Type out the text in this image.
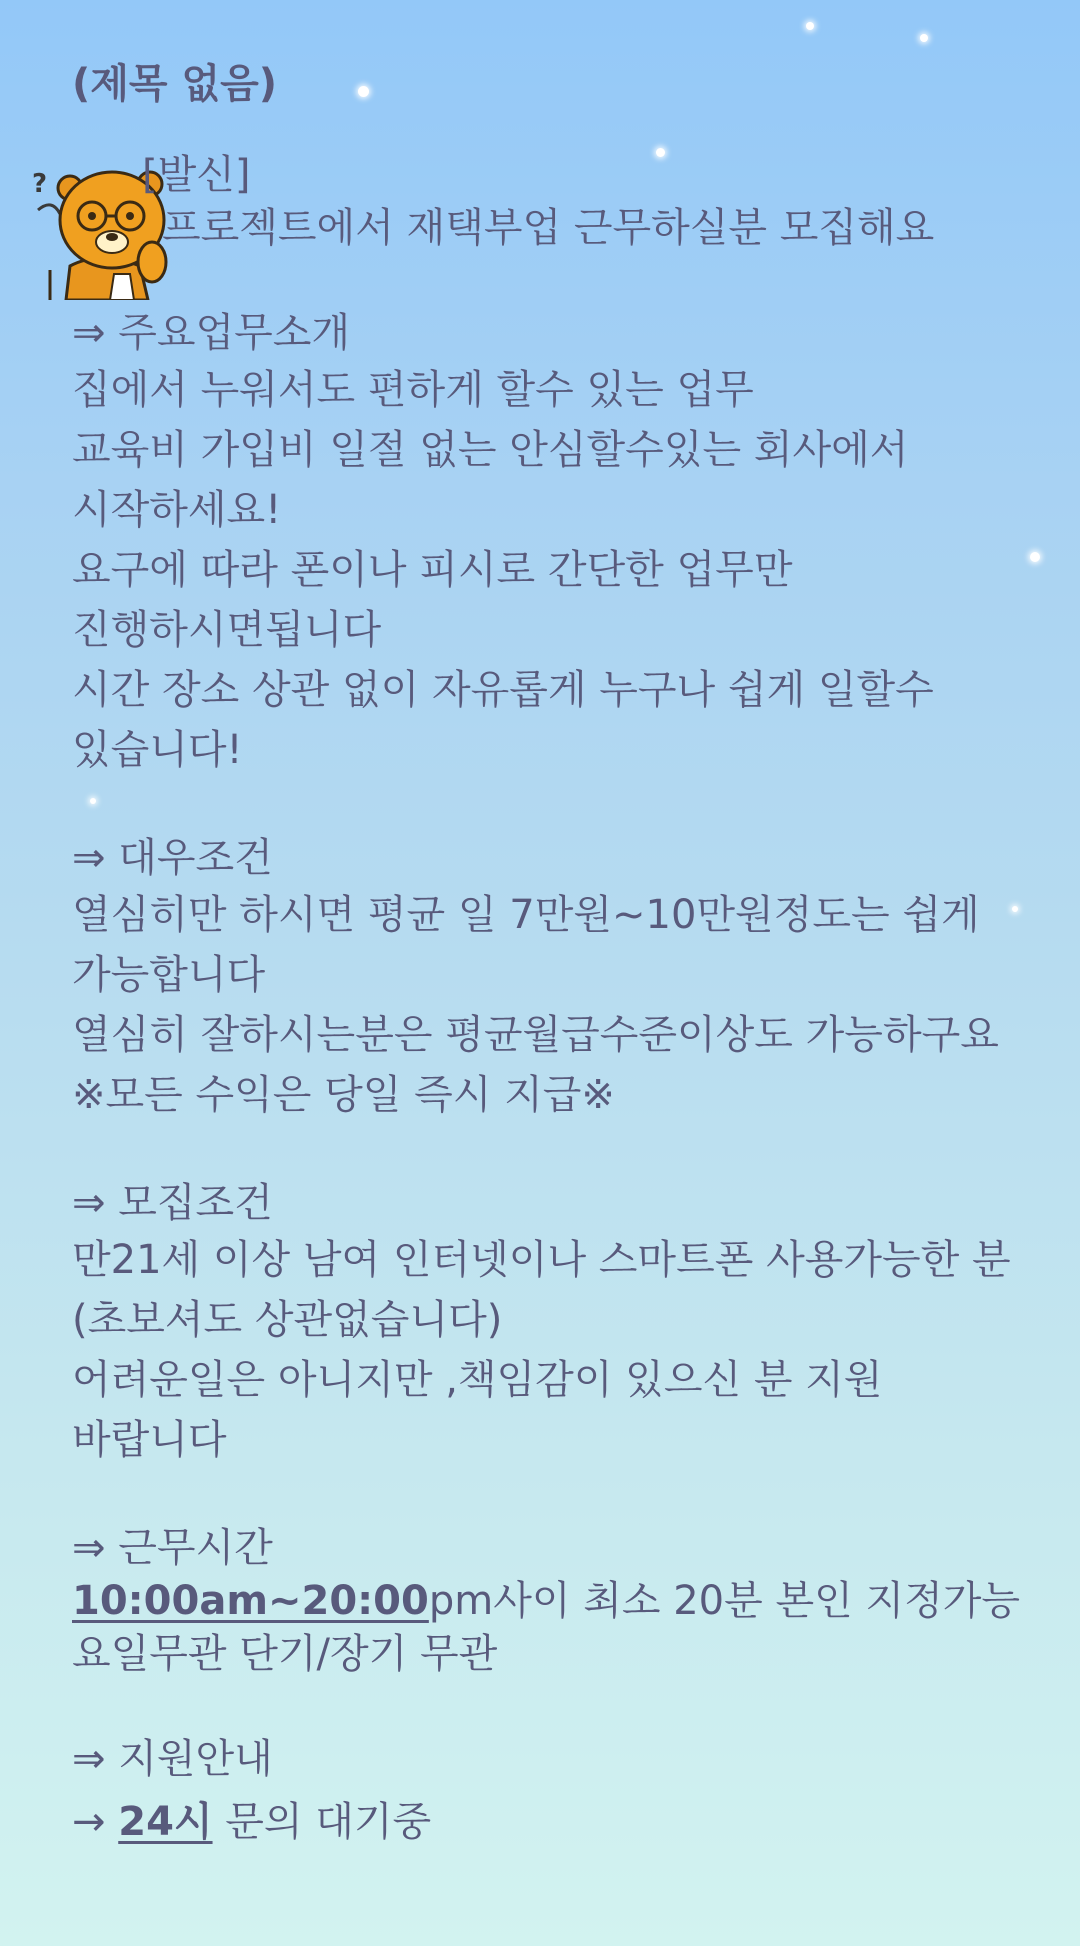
?
(제목 없음)
[발신]
프로젝트에서 재택부업 근무하실분 모집해요
⇒ 주요업무소개
집에서 누워서도 편하게 할수 있는 업무
교육비 가입비 일절 없는 안심할수있는 회사에서 시작하세요!
요구에 따라 폰이나 피시로 간단한 업무만 진행하시면됩니다
시간 장소 상관 없이 자유롭게 누구나 쉽게 일할수 있습니다!
⇒ 대우조건
열심히만 하시면 평균 일 7만원~10만원정도는 쉽게 가능합니다
열심히 잘하시는분은 평균월급수준이상도 가능하구요
※모든 수익은 당일 즉시 지급※
⇒ 모집조건
만21세 이상 남여 인터넷이나 스마트폰 사용가능한 분 (초보셔도 상관없습니다)
어려운일은 아니지만 ,책임감이 있으신 분 지원 바랍니다
⇒ 근무시간
10:00am~20:00pm사이 최소 20분 본인 지정가능
요일무관 단기/장기 무관
⇒ 지원안내
→ 24시 문의 대기중
